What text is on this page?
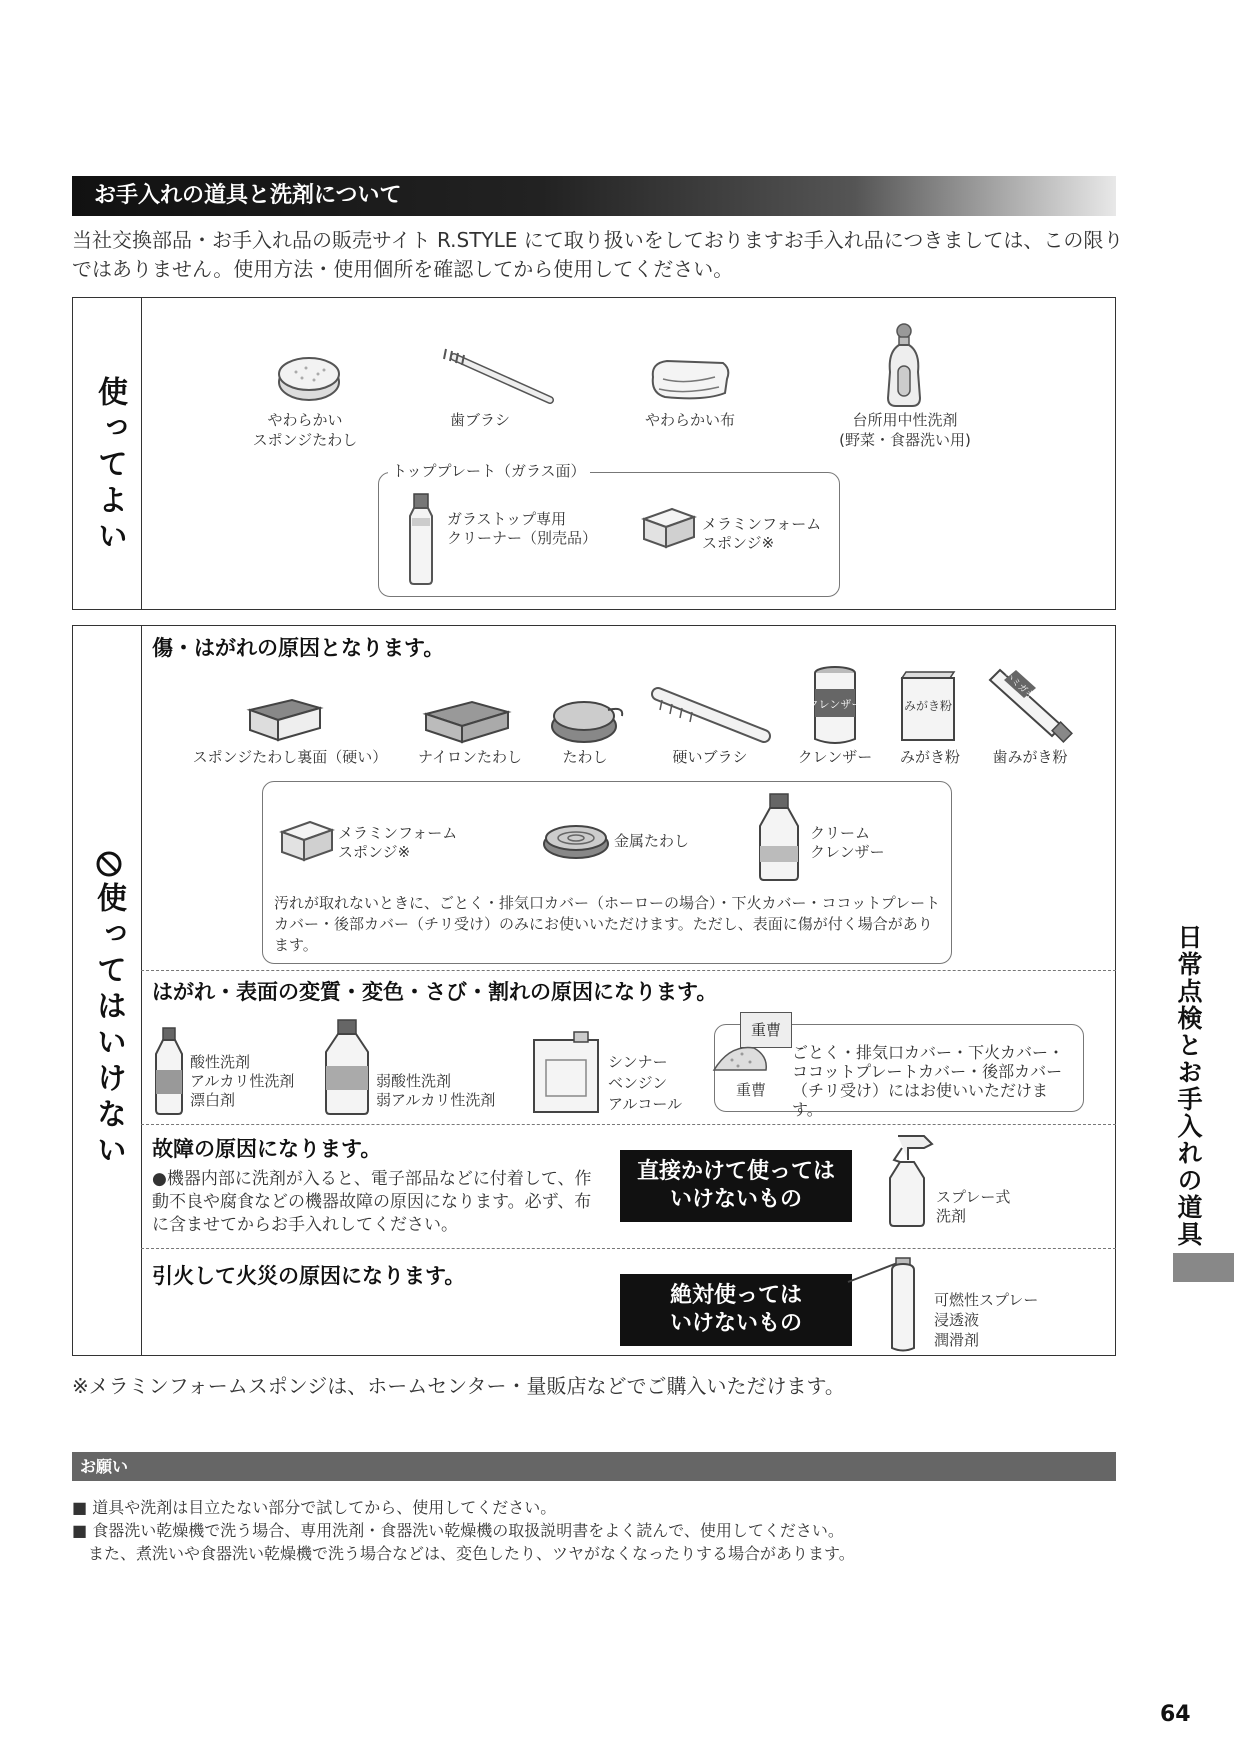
お手入れの道具と洗剤について
当社交換部品・お手入れ品の販売サイト R.STYLE にて取り扱いをしておりますお手入れ品につきましては、この限りではありません。使用方法・使用個所を確認してから使用してください。
使ってよい	やわらかい
スポンジたわし
歯ブラシ	やわらかい布	台所用中性洗剤
(野菜・食器洗い用)
トッププレート（ガラス面）
ガラストップ専用
クリーナー（別売品）
メラミンフォーム
スポンジ※
使ってはいけない
傷・はがれの原因となります。
スポンジたわし裏面（硬い）	ナイロンたわし	たわし	硬いブラシ
クレンザー
クレンザー
みがき粉
みがき粉
ハミガキ
歯みがき粉
メラミンフォーム
スポンジ※
金属たわし	クリーム
クレンザー
汚れが取れないときに、ごとく・排気口カバー（ホーローの場合）・下火カバー・ココットプレートカバー・後部カバー（チリ受け）のみにお使いいただけます。ただし、表面に傷が付く場合があります。
はがれ・表面の変質・変色・さび・割れの原因になります。
酸性洗剤
アルカリ性洗剤
漂白剤
弱酸性洗剤
弱アルカリ性洗剤
シンナー
ベンジン
アルコール
重曹
重曹
ごとく・排気口カバー・下火カバー・ココットプレートカバー・後部カバー（チリ受け）にはお使いいただけます。
故障の原因になります。
●機器内部に洗剤が入ると、電子部品などに付着して、作動不良や腐食などの機器故障の原因になります。必ず、布に含ませてからお手入れしてください。
直接かけて使っては
いけないもの	スプレー式
洗剤
引火して火災の原因になります。
絶対使っては
いけないもの
可燃性スプレー
浸透液
潤滑剤
※メラミンフォームスポンジは、ホームセンター・量販店などでご購入いただけます。
お願い
■ 道具や洗剤は目立たない部分で試してから、使用してください。
■ 食器洗い乾燥機で洗う場合、専用洗剤・食器洗い乾燥機の取扱説明書をよく読んで、使用してください。
　また、煮洗いや食器洗い乾燥機で洗う場合などは、変色したり、ツヤがなくなったりする場合があります。
日常点検とお手入れの道具
64
